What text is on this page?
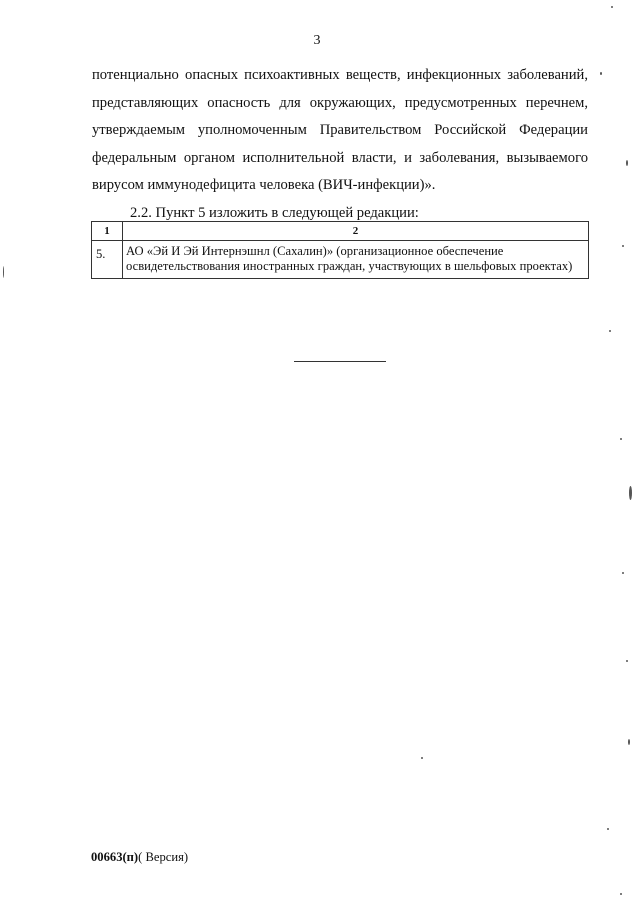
3

потенциально опасных психоактивных веществ, инфекционных заболеваний, представляющих опасность для окружающих, предусмотренных перечнем, утверждаемым уполномоченным Правительством Российской Федерации федеральным органом исполнительной власти, и заболевания, вызываемого вирусом иммунодефицита человека (ВИЧ-инфекции)».

2.2. Пункт 5 изложить в следующей редакции:

1	2
5.	АО «Эй И Эй Интернэшнл (Сахалин)» (организационное обеспечение освидетельствования иностранных граждан, участвующих в шельфовых проектах)
00663(п)( Версия)
